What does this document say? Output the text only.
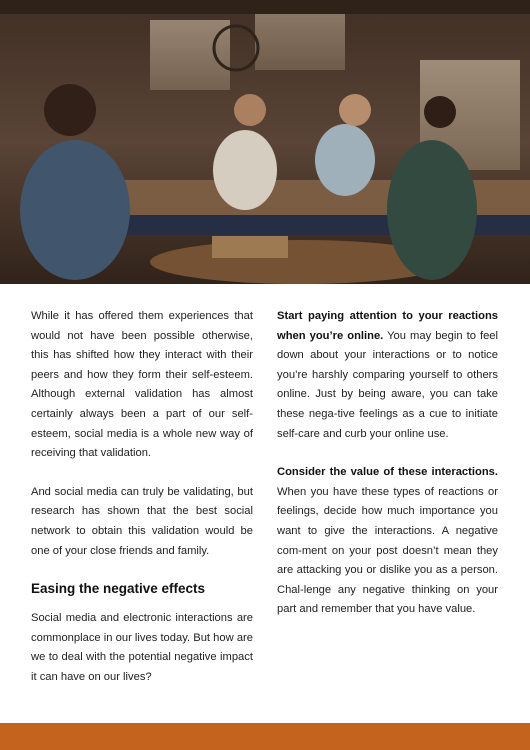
While it has offered them experiences that would not have been possible otherwise, this has shifted how they interact with their peers and how they form their self-esteem. Although external validation has almost certainly always been a part of our self-esteem, social media is a whole new way of receiving that validation.

And social media can truly be validating, but research has shown that the best social network to obtain this validation would be one of your close friends and family.

Easing the negative effects

Social media and electronic interactions are commonplace in our lives today. But how are we to deal with the potential negative impact it can have on our lives?

Start paying attention to your reactions when you’re online. You may begin to feel down about your interactions or to notice you’re harshly comparing yourself to others online. Just by being aware, you can take these nega-tive feelings as a cue to initiate self-care and curb your online use.

Consider the value of these interactions. When you have these types of reactions or feelings, decide how much importance you want to give the interactions. A negative com-ment on your post doesn’t mean they are attacking you or dislike you as a person. Chal-lenge any negative thinking on your part and remember that you have value.
